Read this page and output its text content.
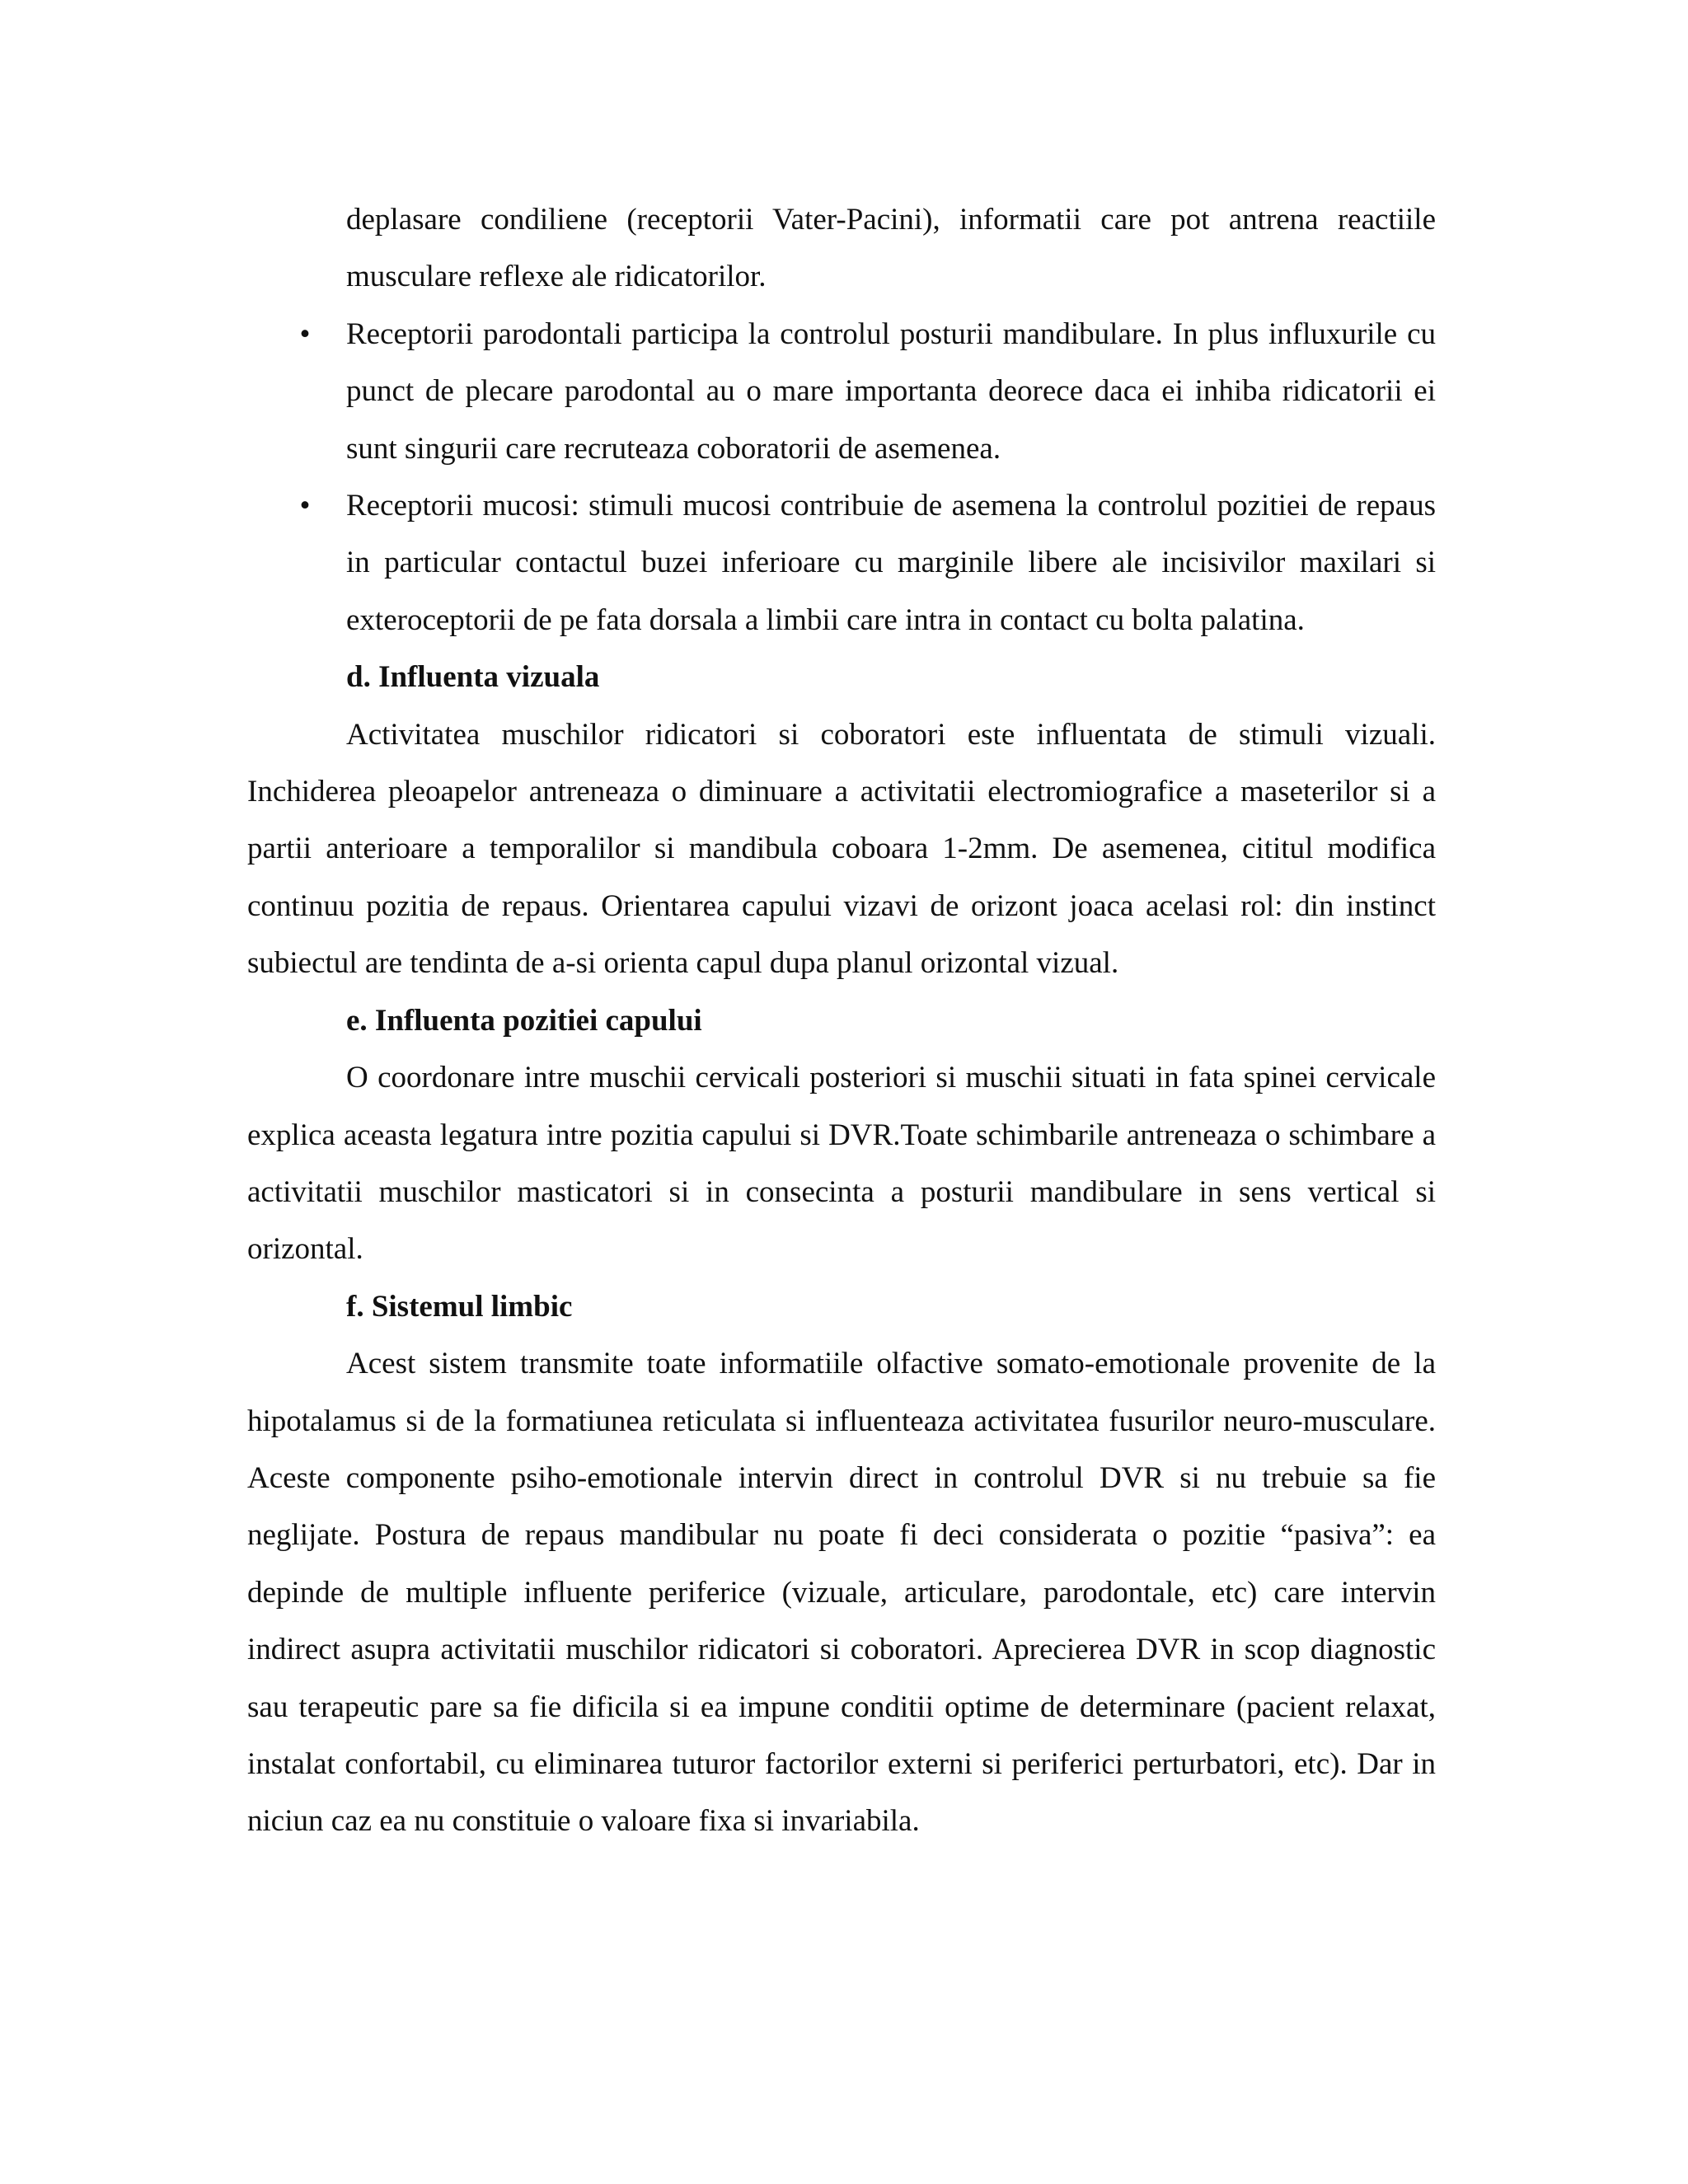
deplasare condiliene (receptorii Vater-Pacini), informatii care pot antrena reactiile musculare reflexe ale ridicatorilor.

• Receptorii parodontali participa la controlul posturii mandibulare. In plus influxurile cu punct de plecare parodontal au o mare importanta deorece daca ei inhiba ridicatorii ei sunt singurii care recruteaza coboratorii de asemenea.

• Receptorii mucosi: stimuli mucosi contribuie de asemena la controlul pozitiei de repaus in particular contactul buzei inferioare cu marginile libere ale incisivilor maxilari si exteroceptorii de pe fata dorsala a limbii care intra in contact cu bolta palatina.

d. Influenta vizuala

Activitatea muschilor ridicatori si coboratori este influentata de stimuli vizuali. Inchiderea pleoapelor antreneaza o diminuare a activitatii electromiografice a maseterilor si a partii anterioare a temporalilor si mandibula coboara 1-2mm. De asemenea, cititul modifica continuu pozitia de repaus. Orientarea capului vizavi de orizont joaca acelasi rol: din instinct subiectul are tendinta de a-si orienta capul dupa planul orizontal vizual.

e. Influenta pozitiei capului

O coordonare intre muschii cervicali posteriori si muschii situati in fata spinei cervicale explica aceasta legatura intre pozitia capului si DVR.Toate schimbarile antreneaza o schimbare a activitatii muschilor masticatori si in consecinta a posturii mandibulare in sens vertical si orizontal.

f. Sistemul limbic

Acest sistem transmite toate informatiile olfactive somato-emotionale provenite de la hipotalamus si de la formatiunea reticulata si influenteaza activitatea fusurilor neuro-musculare. Aceste componente psiho-emotionale intervin direct in controlul DVR si nu trebuie sa fie neglijate. Postura de repaus mandibular nu poate fi deci considerata o pozitie “pasiva”: ea depinde de multiple influente periferice (vizuale, articulare, parodontale, etc) care intervin indirect asupra activitatii muschilor ridicatori si coboratori. Aprecierea DVR in scop diagnostic sau terapeutic pare sa fie dificila si ea impune conditii optime de determinare (pacient relaxat, instalat confortabil, cu eliminarea tuturor factorilor externi si periferici perturbatori, etc). Dar in niciun caz ea nu constituie o valoare fixa si invariabila.
